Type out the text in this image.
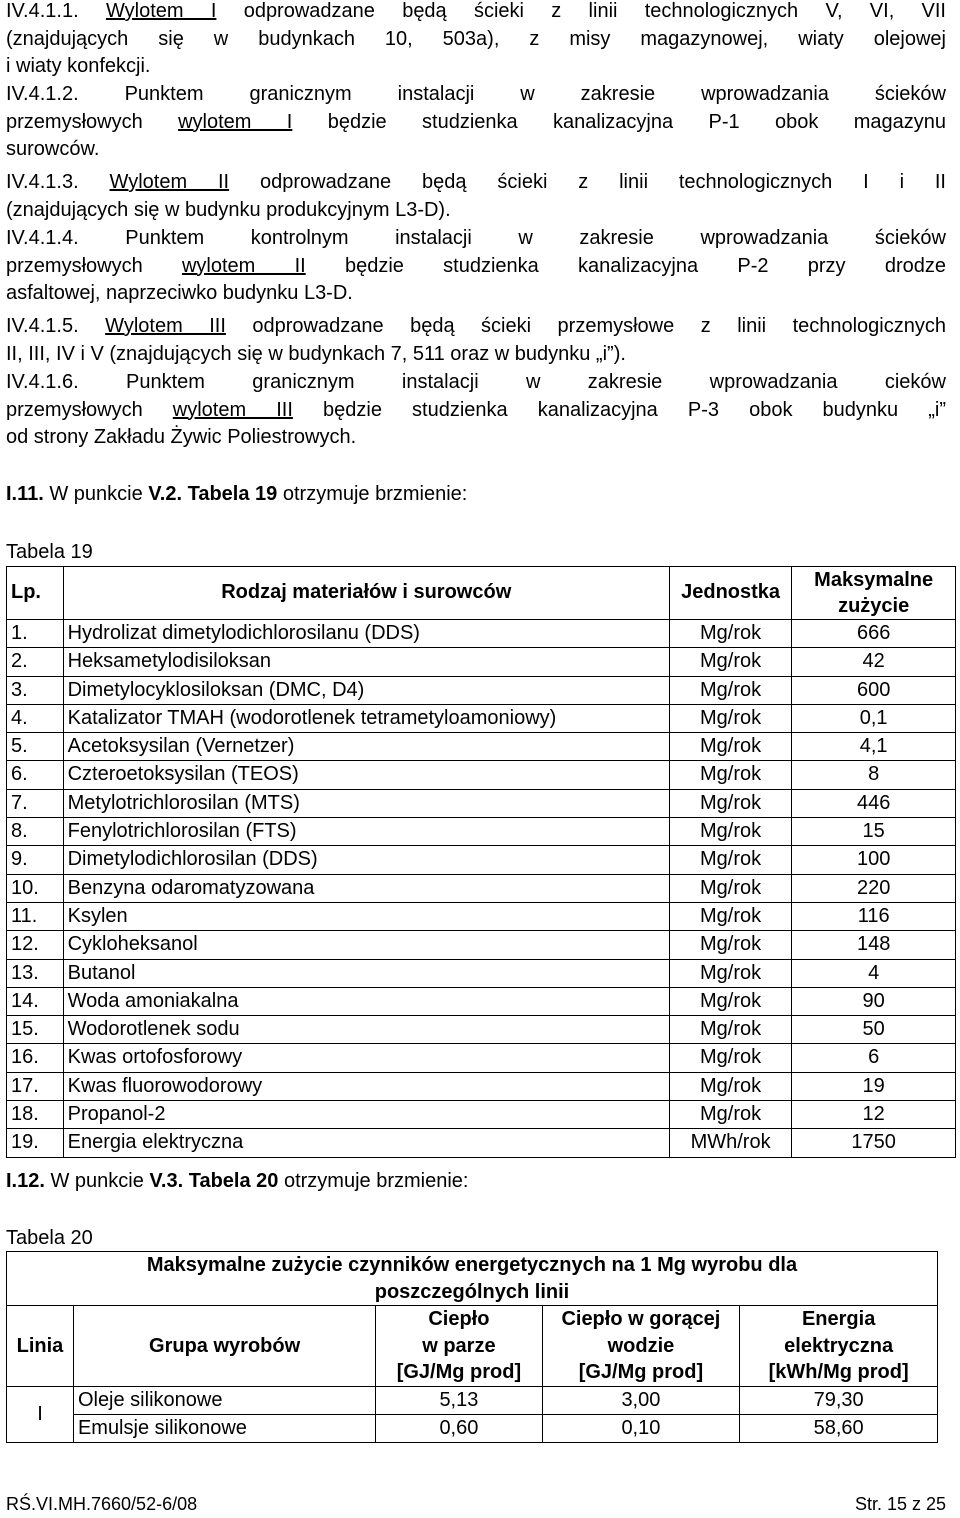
IV.4.1.1. Wylotem I odprowadzane będą ścieki z linii technologicznych V, VI, VII
(znajdujących się w budynkach 10, 503a), z misy magazynowej, wiaty olejowej
i wiaty konfekcji.
IV.4.1.2. Punktem granicznym instalacji w zakresie wprowadzania ścieków
przemysłowych wylotem I będzie studzienka kanalizacyjna P-1 obok magazynu
surowców.
IV.4.1.3. Wylotem II odprowadzane będą ścieki z linii technologicznych I i II
(znajdujących się w budynku produkcyjnym L3-D).
IV.4.1.4. Punktem kontrolnym instalacji w zakresie wprowadzania ścieków
przemysłowych wylotem II będzie studzienka kanalizacyjna P-2 przy drodze
asfaltowej, naprzeciwko budynku L3-D.
IV.4.1.5. Wylotem III odprowadzane będą ścieki przemysłowe z linii technologicznych
II, III, IV i V (znajdujących się w budynkach 7, 511 oraz w budynku „i”).
IV.4.1.6. Punktem granicznym instalacji w zakresie wprowadzania cieków
przemysłowych wylotem III będzie studzienka kanalizacyjna P-3 obok budynku „i”
od strony Zakładu Żywic Poliestrowych.

I.11. W punkcie V.2. Tabela 19 otrzymuje brzmienie:

Tabela 19

Lp.	Rodzaj materiałów i surowców	Jednostka	Maksymalne zużycie
1.	Hydrolizat dimetylodichlorosilanu (DDS)	Mg/rok	666
2.	Heksametylodisiloksan	Mg/rok	42
3.	Dimetylocyklosiloksan (DMC, D4)	Mg/rok	600
4.	Katalizator TMAH (wodorotlenek tetrametyloamoniowy)	Mg/rok	0,1
5.	Acetoksysilan (Vernetzer)	Mg/rok	4,1
6.	Czteroetoksysilan (TEOS)	Mg/rok	8
7.	Metylotrichlorosilan (MTS)	Mg/rok	446
8.	Fenylotrichlorosilan (FTS)	Mg/rok	15
9.	Dimetylodichlorosilan (DDS)	Mg/rok	100
10.	Benzyna odaromatyzowana	Mg/rok	220
11.	Ksylen	Mg/rok	116
12.	Cykloheksanol	Mg/rok	148
13.	Butanol	Mg/rok	4
14.	Woda amoniakalna	Mg/rok	90
15.	Wodorotlenek sodu	Mg/rok	50
16.	Kwas ortofosforowy	Mg/rok	6
17.	Kwas fluorowodorowy	Mg/rok	19
18.	Propanol-2	Mg/rok	12
19.	Energia elektryczna	MWh/rok	1750

I.12. W punkcie V.3. Tabela 20 otrzymuje brzmienie:

Tabela 20

Maksymalne zużycie czynników energetycznych na 1 Mg wyrobu dla poszczególnych linii				
Linia	Grupa wyrobów	Ciepło
w parze
[GJ/Mg prod]	Ciepło w gorącej
wodzie
[GJ/Mg prod]	Energia
elektryczna
[kWh/Mg prod]

I	Oleje silikonowe	5,13	3,00	79,30
	Emulsje silikonowe	0,60	0,10	58,60
RŚ.VI.MH.7660/52-6/08	Str. 15 z 25
